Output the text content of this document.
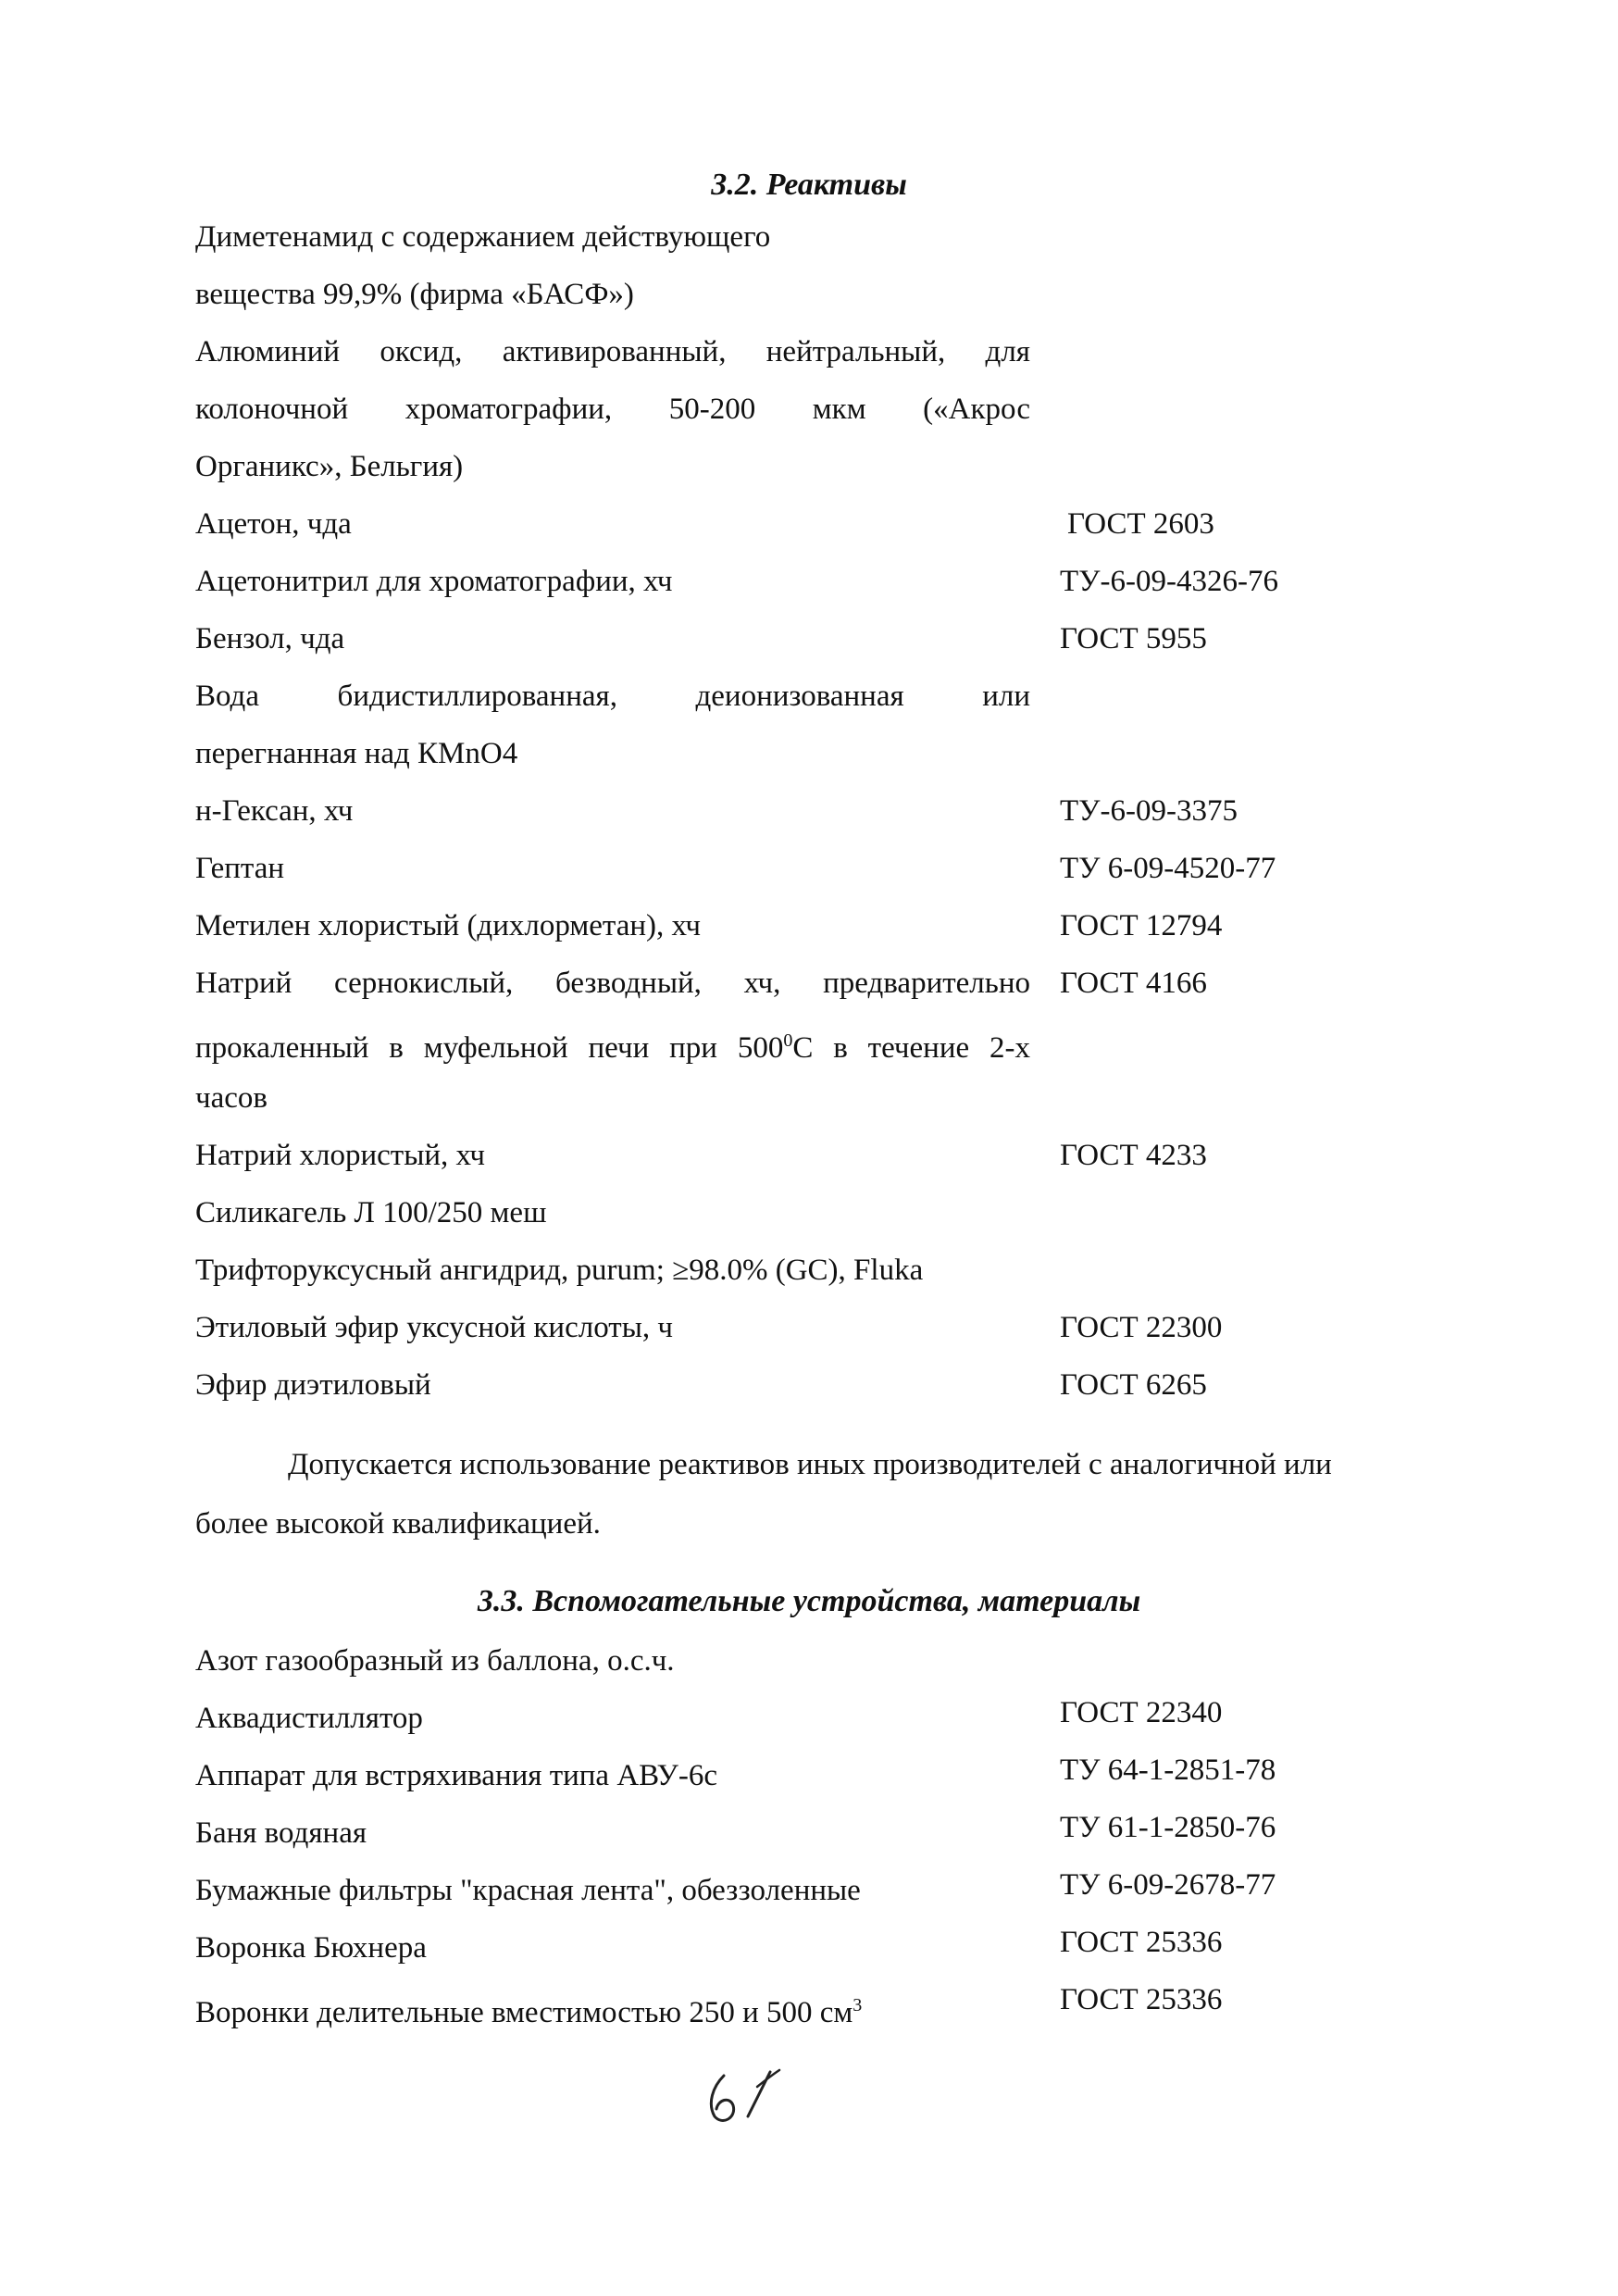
3.2. Реактивы
Диметенамид с содержанием действующего
вещества 99,9% (фирма «БАСФ»)
Алюминий оксид, активированный, нейтральный, для
колоночной хроматографии, 50-200 мкм («Акрос
Органикс», Бельгия)
Ацетон, чда	ГОСТ 2603
Ацетонитрил для хроматографии, хч	ТУ-6-09-4326-76
Бензол, чда	ГОСТ 5955
Вода бидистиллированная, деионизованная или
перегнанная над КMnO4
н-Гексан, хч	ТУ-6-09-3375
Гептан	ТУ 6-09-4520-77
Метилен хлористый (дихлорметан), хч	ГОСТ 12794
Натрий сернокислый, безводный, хч, предварительно ГОСТ 4166
прокаленный в муфельной печи при $500^0С$ в течение 2-х
часов
Натрий хлористый, хч	ГОСТ 4233
Силикагель Л 100/250 меш
Трифторуксусный ангидрид, purum; ≥98.0% (GC), Fluka
Этиловый эфир уксусной кислоты, ч	ГОСТ 22300
Эфир диэтиловый	ГОСТ 6265
Допускается использование реактивов иных производителей с аналогичной или
более высокой квалификацией.
3.3. Вспомогательные устройства, материалы
Азот газообразный из баллона, о.с.ч.
Аквадистиллятор	ГОСТ 22340
Аппарат для встряхивания типа АВУ-6с	ТУ 64-1-2851-78
Баня водяная	ТУ 61-1-2850-76
Бумажные фильтры "красная лента", обеззоленные	ТУ 6-09-2678-77
Воронка Бюхнера	ГОСТ 25336
Воронки делительные вместимостью 250 и 500 $см^3$	ГОСТ 25336
